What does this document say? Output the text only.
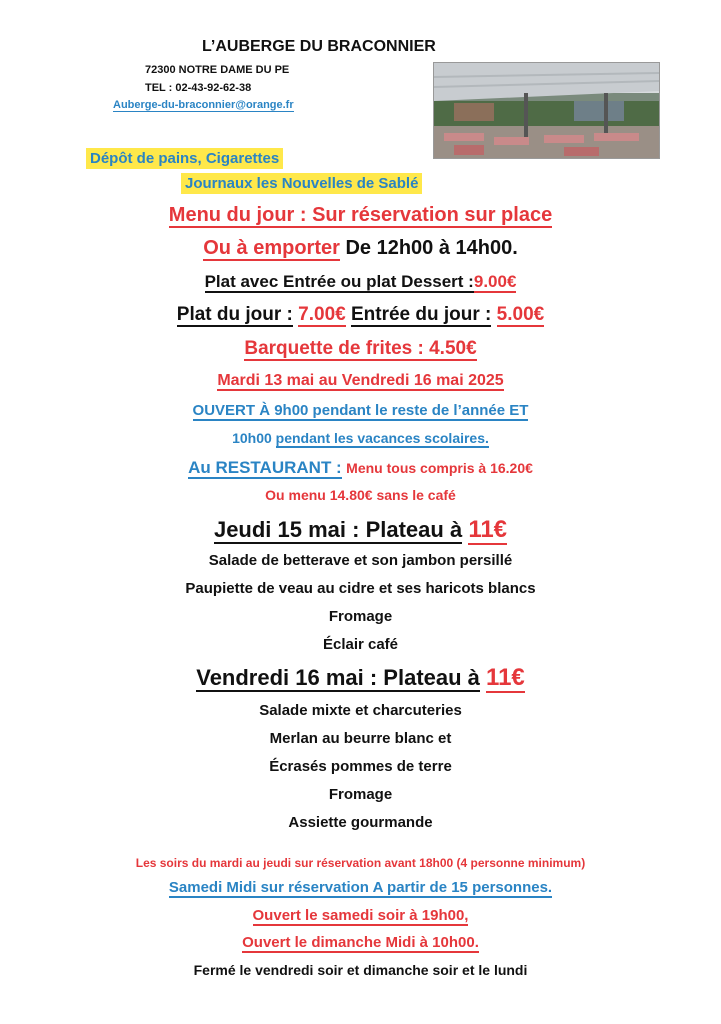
L’AUBERGE DU BRACONNIER
72300 NOTRE DAME DU PE
TEL : 02-43-92-62-38
Auberge-du-braconnier@orange.fr
Dépôt de pains, Cigarettes
Journaux les Nouvelles de Sablé
Menu du jour : Sur réservation sur place
Ou à emporter De 12h00 à 14h00.
Plat avec Entrée ou plat Dessert :9.00€
Plat du jour : 7.00€ Entrée du jour : 5.00€
Barquette de frites : 4.50€
Mardi 13 mai au Vendredi 16 mai 2025
OUVERT À 9h00 pendant le reste de l’année ET
10h00 pendant les vacances scolaires.
Au RESTAURANT : Menu tous compris à 16.20€
Ou menu 14.80€ sans le café
Jeudi 15 mai : Plateau à 11€
Salade de betterave et son jambon persillé
Paupiette de veau au cidre et ses haricots blancs
Fromage
Éclair café
Vendredi 16 mai : Plateau à 11€
Salade mixte et charcuteries
Merlan au beurre blanc et
Écrasés pommes de terre
Fromage
Assiette gourmande
Les soirs du mardi au jeudi sur réservation avant 18h00 (4 personne minimum)
Samedi Midi sur réservation A partir de 15 personnes.
Ouvert le samedi soir à 19h00,
Ouvert le dimanche Midi à 10h00.
Fermé le vendredi soir et dimanche soir et le lundi
